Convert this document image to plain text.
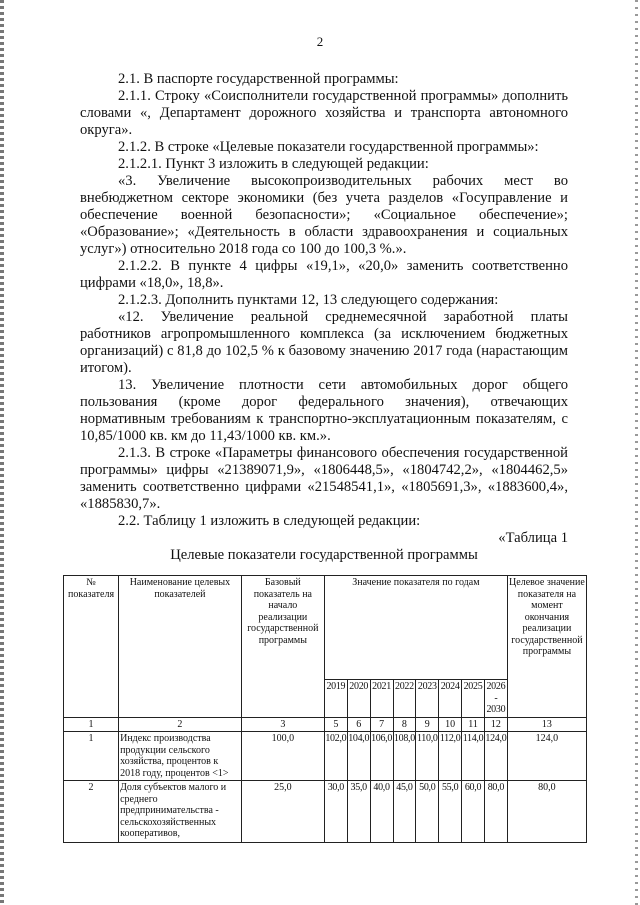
2

2.1. В паспорте государственной программы:

2.1.1. Строку «Соисполнители государственной программы» дополнить словами «, Департамент дорожного хозяйства и транспорта автономного округа».

2.1.2. В строке «Целевые показатели государственной программы»:

2.1.2.1. Пункт 3 изложить в следующей редакции:

«3. Увеличение высокопроизводительных рабочих мест во внебюджетном секторе экономики (без учета разделов «Госуправление и обеспечение военной безопасности»; «Социальное обеспечение»; «Образование»; «Деятельность в области здравоохранения и социальных услуг») относительно 2018 года со 100 до 100,3 %.».

2.1.2.2. В пункте 4 цифры «19,1», «20,0» заменить соответственно цифрами «18,0», 18,8».

2.1.2.3. Дополнить пунктами 12, 13 следующего содержания:

«12. Увеличение реальной среднемесячной заработной платы работников агропромышленного комплекса (за исключением бюджетных организаций) с 81,8 до 102,5 % к базовому значению 2017 года (нарастающим итогом).

13. Увеличение плотности сети автомобильных дорог общего пользования (кроме дорог федерального значения), отвечающих нормативным требованиям к транспортно-эксплуатационным показателям, с 10,85/1000 кв. км до 11,43/1000 кв. км.».

2.1.3. В строке «Параметры финансового обеспечения государственной программы» цифры «21389071,9», «1806448,5», «1804742,2», «1804462,5» заменить соответственно цифрами «21548541,1», «1805691,3», «1883600,4», «1885830,7».

2.2. Таблицу 1 изложить в следующей редакции:

«Таблица 1

Целевые показатели государственной программы

№ показателя	Наименование целевых показателей	Базовый показатель на начало реализации государственной программы	Значение показателя по годам								Целевое значение показателя на момент окончания реализации государственной программы
			2019	2020	2021	2022	2023	2024	2025	2026 - 2030	
1	2	3	5	6	7	8	9	10	11	12	13
1	Индекс производства продукции сельского хозяйства, процентов к 2018 году, процентов <1>	100,0	102,0	104,0	106,0	108,0	110,0	112,0	114,0	124,0	124,0
2	Доля субъектов малого и среднего предпринимательства - сельскохозяйственных кооперативов,	25,0	30,0	35,0	40,0	45,0	50,0	55,0	60,0	80,0	80,0
